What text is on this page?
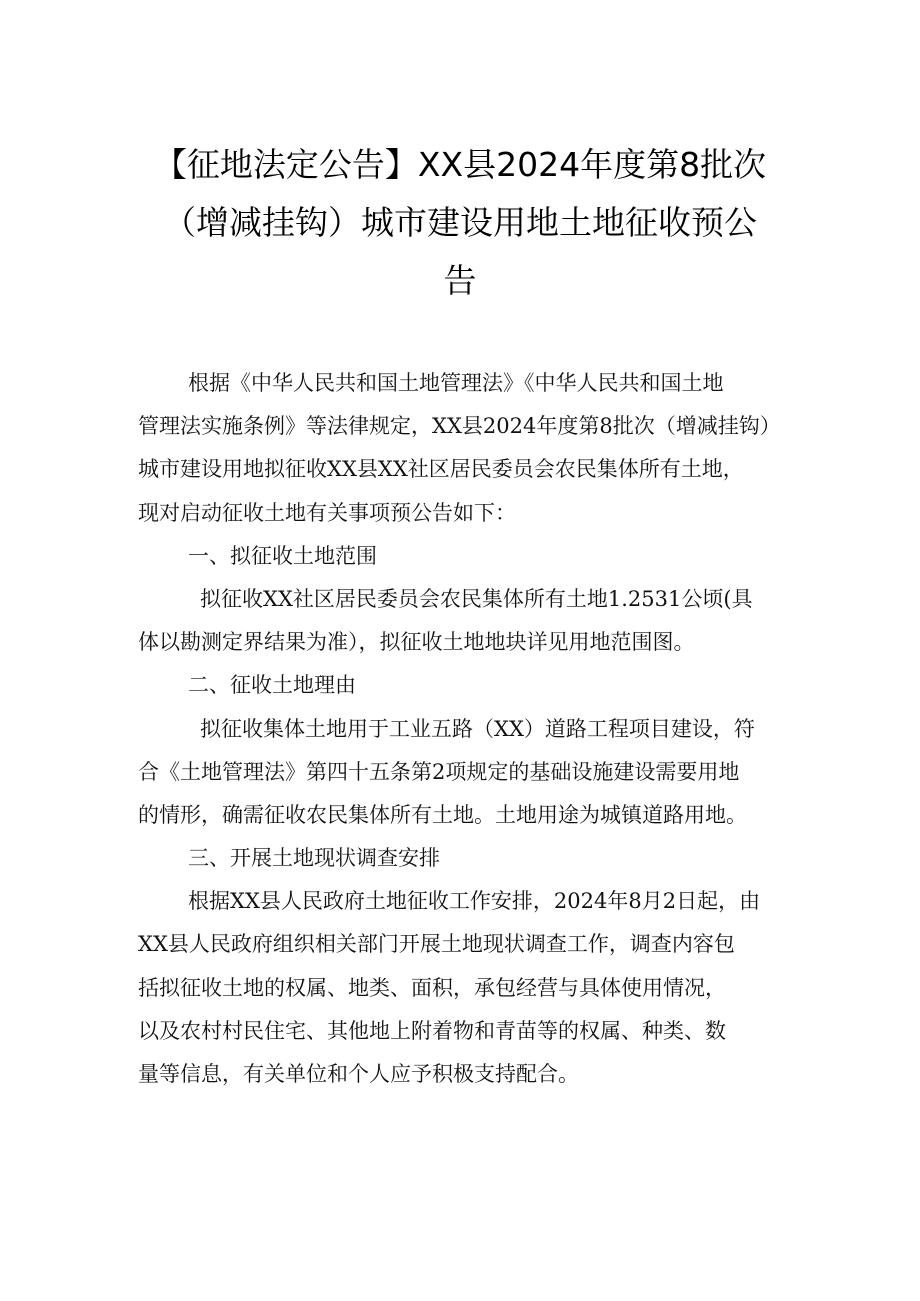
【征地法定公告】XX县2024年度第8批次
（增减挂钩）城市建设用地土地征收预公
告
根据《中华人民共和国土地管理法》《中华人民共和国土地
管理法实施条例》等法律规定，XX县2024年度第8批次（增减挂钩）
城市建设用地拟征收XX县XX社区居民委员会农民集体所有土地，
现对启动征收土地有关事项预公告如下：
一、拟征收土地范围
拟征收XX社区居民委员会农民集体所有土地1.2531公顷(具
体以勘测定界结果为准），拟征收土地地块详见用地范围图。
二、征收土地理由
拟征收集体土地用于工业五路（XX）道路工程项目建设，符
合《土地管理法》第四十五条第2项规定的基础设施建设需要用地
的情形，确需征收农民集体所有土地。土地用途为城镇道路用地。
三、开展土地现状调查安排
根据XX县人民政府土地征收工作安排，2024年8月2日起，由
XX县人民政府组织相关部门开展土地现状调查工作，调查内容包
括拟征收土地的权属、地类、面积，承包经营与具体使用情况，
以及农村村民住宅、其他地上附着物和青苗等的权属、种类、数
量等信息，有关单位和个人应予积极支持配合。
